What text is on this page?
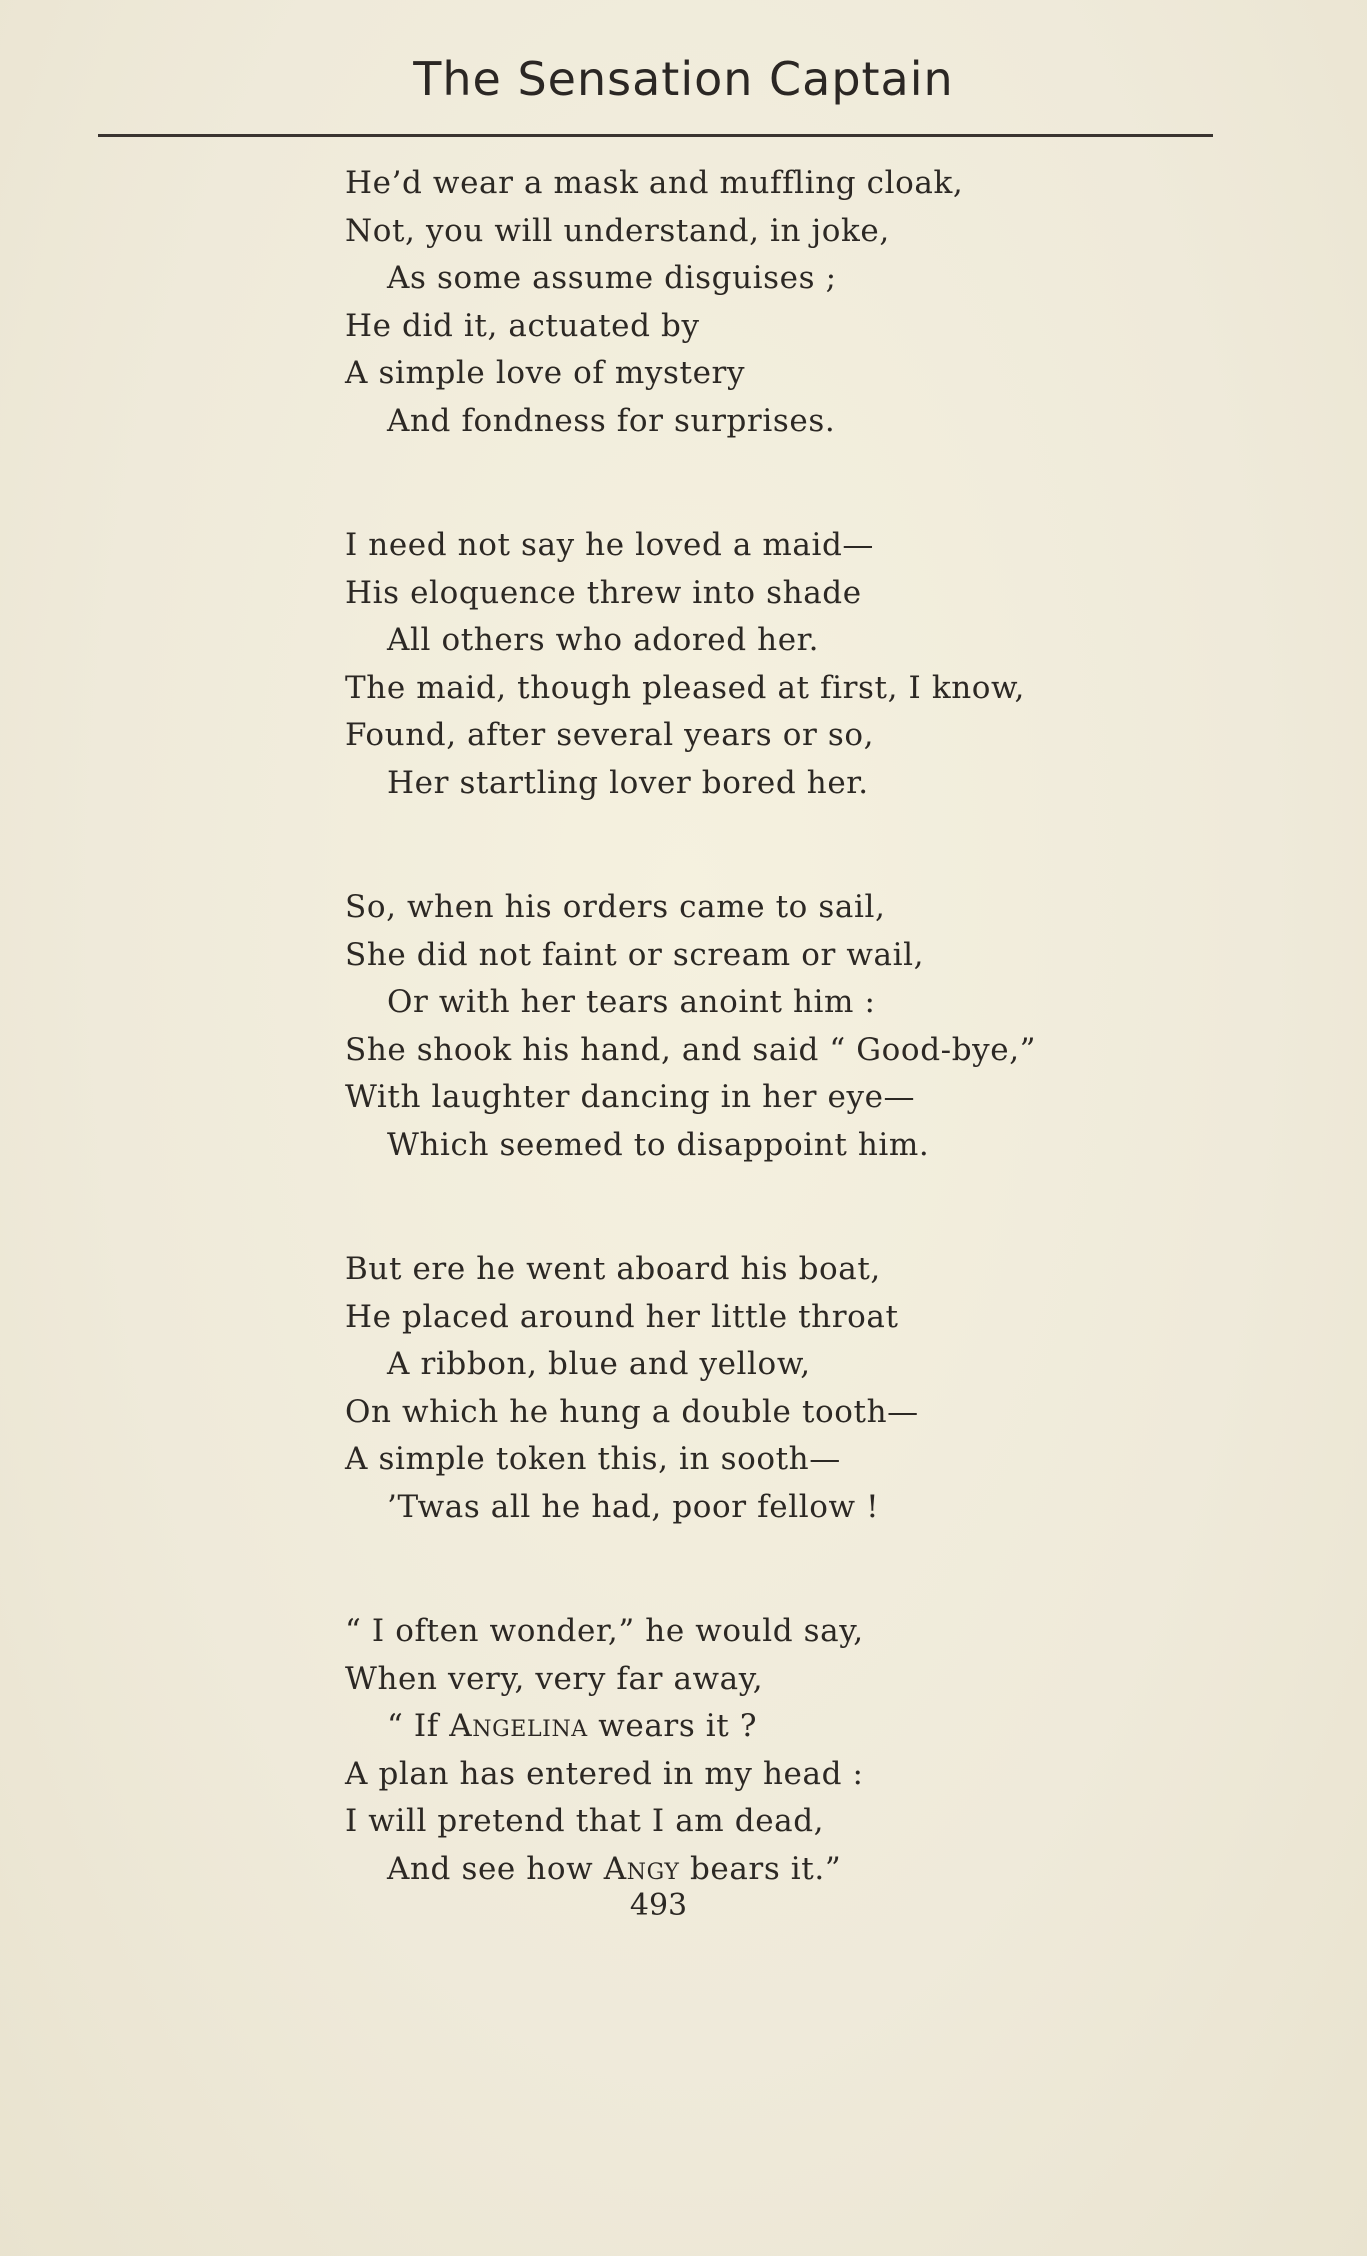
The Sensation Captain
He’d wear a mask and muffling cloak,
Not, you will understand, in joke,
As some assume disguises ;
He did it, actuated by
A simple love of mystery
And fondness for surprises.
I need not say he loved a maid—
His eloquence threw into shade
All others who adored her.
The maid, though pleased at first, I know,
Found, after several years or so,
Her startling lover bored her.
So, when his orders came to sail,
She did not faint or scream or wail,
Or with her tears anoint him :
She shook his hand, and said “ Good-bye,”
With laughter dancing in her eye—
Which seemed to disappoint him.
But ere he went aboard his boat,
He placed around her little throat
A ribbon, blue and yellow,
On which he hung a double tooth—
A simple token this, in sooth—
’Twas all he had, poor fellow !
“ I often wonder,” he would say,
When very, very far away,
“ If Angelina wears it ?
A plan has entered in my head :
I will pretend that I am dead,
And see how Angy bears it.”
493
